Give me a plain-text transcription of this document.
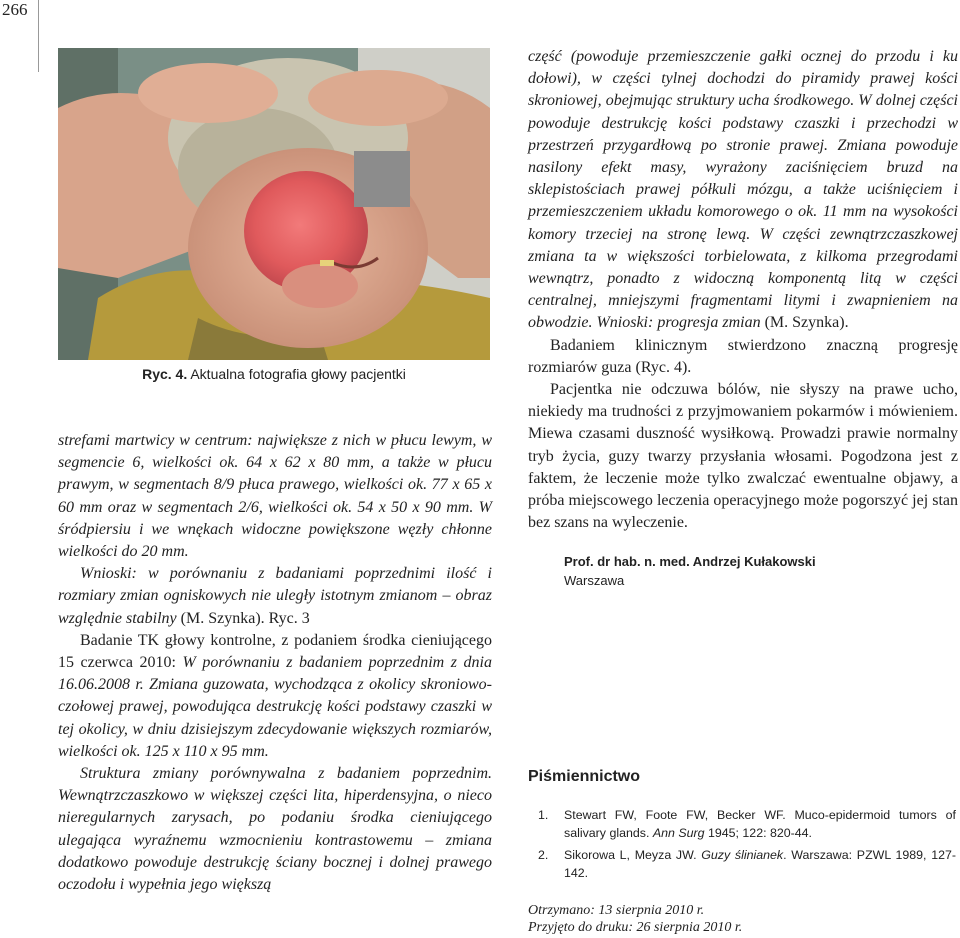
266
Ryc. 4. Aktualna fotografia głowy pacjentki

strefami martwicy w centrum: największe z nich w płucu lewym, w segmencie 6, wielkości ok. 64 x 62 x 80 mm, a także w płucu prawym, w segmentach 8/9 płuca prawego, wielkości ok. 77 x 65 x 60 mm oraz w segmentach 2/6, wielkości ok. 54 x 50 x 90 mm. W śródpiersiu i we wnękach widoczne powiększone węzły chłonne wielkości do 20 mm.

Wnioski: w porównaniu z badaniami poprzednimi ilość i rozmiary zmian ogniskowych nie uległy istotnym zmianom – obraz względnie stabilny (M. Szynka). Ryc. 3

Badanie TK głowy kontrolne, z podaniem środka cieniującego 15 czerwca 2010: W porównaniu z badaniem poprzednim z dnia 16.06.2008 r. Zmiana guzowata, wychodząca z okolicy skroniowo-czołowej prawej, powodująca destrukcję kości podstawy czaszki w tej okolicy, w dniu dzisiejszym zdecydowanie większych rozmiarów, wielkości ok. 125 x 110 x 95 mm.

Struktura zmiany porównywalna z badaniem poprzednim. Wewnątrzczaszkowo w większej części lita, hiperdensyjna, o nieco nieregularnych zarysach, po podaniu środka cieniującego ulegająca wyraźnemu wzmocnieniu kontrastowemu – zmiana dodatkowo powoduje destrukcję ściany bocznej i dolnej prawego oczodołu i wypełnia jego większą

część (powoduje przemieszczenie gałki ocznej do przodu i ku dołowi), w części tylnej dochodzi do piramidy prawej kości skroniowej, obejmując struktury ucha środkowego. W dolnej części powoduje destrukcję kości podstawy czaszki i przechodzi w przestrzeń przygardłową po stronie prawej. Zmiana powoduje nasilony efekt masy, wyrażony zaciśnięciem bruzd na sklepistościach prawej półkuli mózgu, a także uciśnięciem i przemieszczeniem układu komorowego o ok. 11 mm na wysokości komory trzeciej na stronę lewą. W części zewnątrzczaszkowej zmiana ta w większości torbielowata, z kilkoma przegrodami wewnątrz, ponadto z widoczną komponentą litą w części centralnej, mniejszymi fragmentami litymi i zwapnieniem na obwodzie. Wnioski: progresja zmian (M. Szynka).

Badaniem klinicznym stwierdzono znaczną progresję rozmiarów guza (Ryc. 4).

Pacjentka nie odczuwa bólów, nie słyszy na prawe ucho, niekiedy ma trudności z przyjmowaniem pokarmów i mówieniem. Miewa czasami duszność wysiłkową. Prowadzi prawie normalny tryb życia, guzy twarzy przysłania włosami. Pogodzona jest z faktem, że leczenie może tylko zwalczać ewentualne objawy, a próba miejscowego leczenia operacyjnego może pogorszyć jej stan bez szans na wyleczenie.

Prof. dr hab. n. med. Andrzej Kułakowski
Warszawa
Piśmiennictwo
1.	Stewart FW, Foote FW, Becker WF. Muco-epidermoid tumors of salivary glands. Ann Surg 1945; 122: 820-44.
2.	Sikorowa L, Meyza JW. Guzy ślinianek. Warszawa: PZWL 1989, 127-142.
Otrzymano: 13 sierpnia 2010 r.
Przyjęto do druku: 26 sierpnia 2010 r.
